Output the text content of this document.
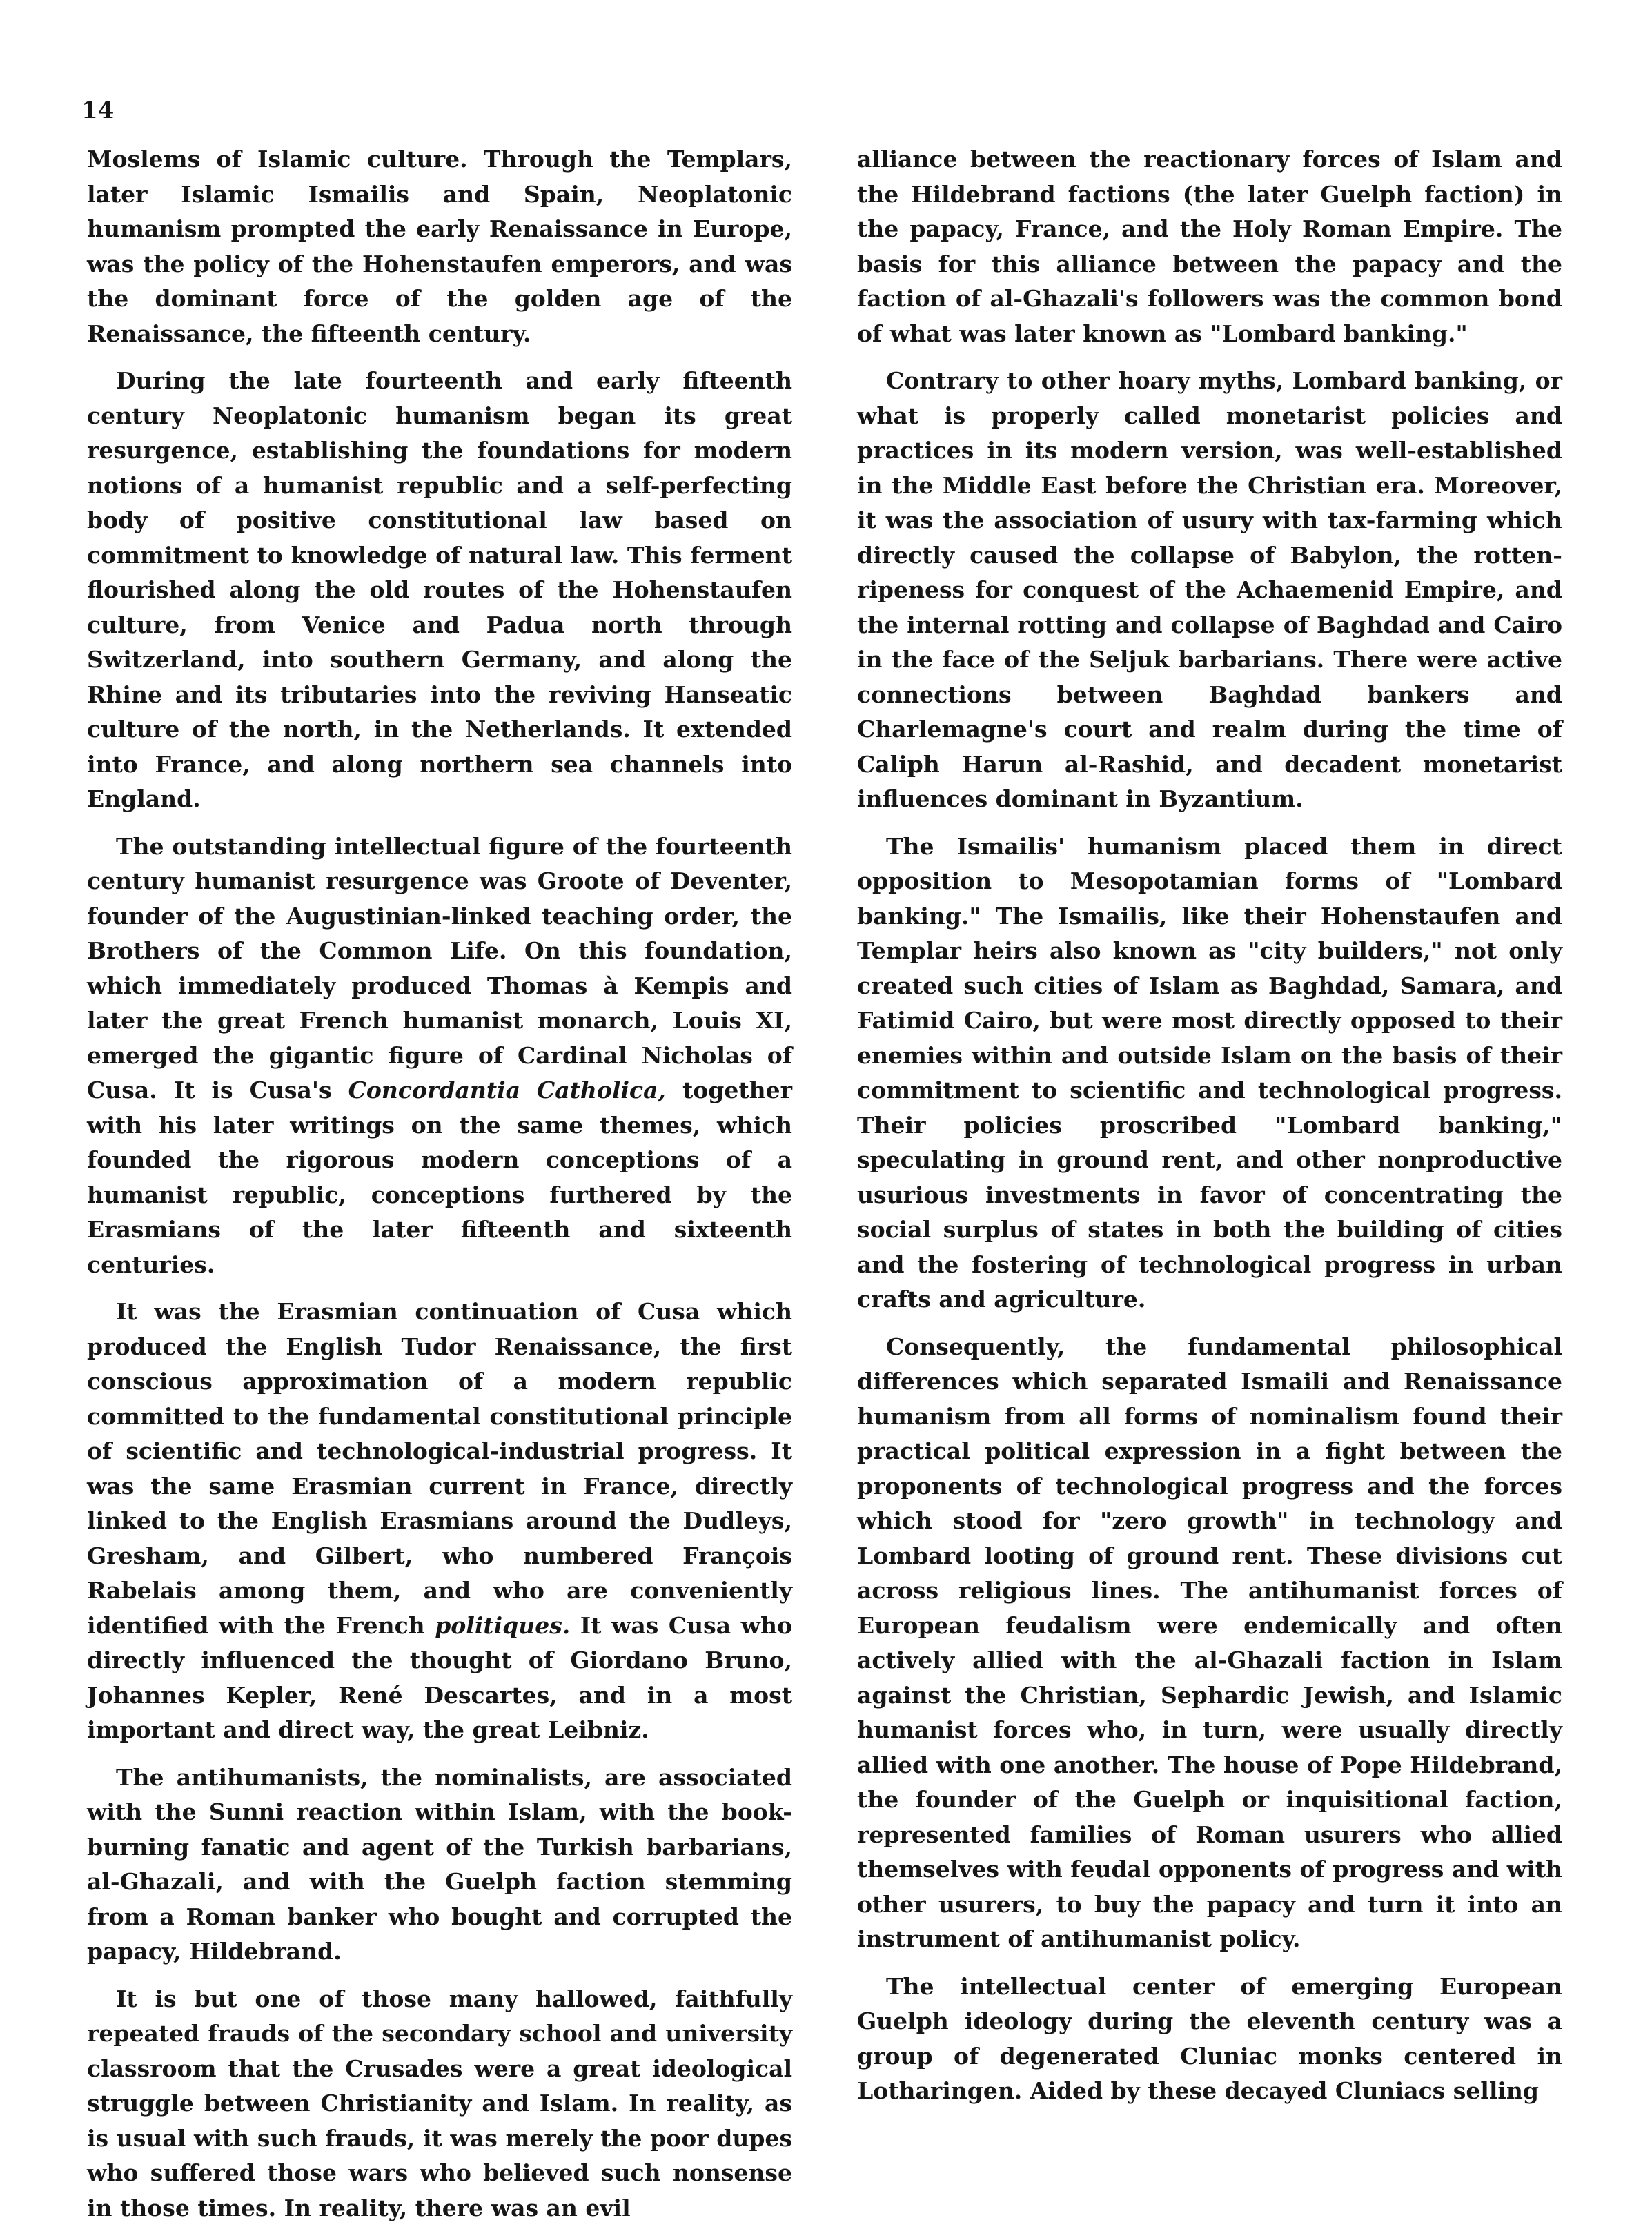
14

Moslems of Islamic culture. Through the Templars, later Islamic Ismailis and Spain, Neoplatonic humanism prompted the early Renaissance in Europe, was the policy of the Hohenstaufen emperors, and was the dominant force of the golden age of the Renaissance, the fifteenth century.

During the late fourteenth and early fifteenth century Neoplatonic humanism began its great resurgence, establishing the foundations for modern notions of a humanist republic and a self-perfecting body of positive constitutional law based on commitment to knowledge of natural law. This ferment flourished along the old routes of the Hohenstaufen culture, from Venice and Padua north through Switzerland, into southern Germany, and along the Rhine and its tributaries into the reviving Hanseatic culture of the north, in the Netherlands. It extended into France, and along northern sea channels into England.

The outstanding intellectual figure of the fourteenth century humanist resurgence was Groote of Deventer, founder of the Augustinian-linked teaching order, the Brothers of the Common Life. On this foundation, which immediately produced Thomas à Kempis and later the great French humanist monarch, Louis XI, emerged the gigantic figure of Cardinal Nicholas of Cusa. It is Cusa's Concordantia Catholica, together with his later writings on the same themes, which founded the rigorous modern conceptions of a humanist republic, conceptions furthered by the Erasmians of the later fifteenth and sixteenth centuries.

It was the Erasmian continuation of Cusa which produced the English Tudor Renaissance, the first conscious approximation of a modern republic committed to the fundamental constitutional principle of scientific and technological-industrial progress. It was the same Erasmian current in France, directly linked to the English Erasmians around the Dudleys, Gresham, and Gilbert, who numbered François Rabelais among them, and who are conveniently identified with the French politiques. It was Cusa who directly influenced the thought of Giordano Bruno, Johannes Kepler, René Descartes, and in a most important and direct way, the great Leibniz.

The antihumanists, the nominalists, are associated with the Sunni reaction within Islam, with the book-burning fanatic and agent of the Turkish barbarians, al-Ghazali, and with the Guelph faction stemming from a Roman banker who bought and corrupted the papacy, Hildebrand.

It is but one of those many hallowed, faithfully repeated frauds of the secondary school and university classroom that the Crusades were a great ideological struggle between Christianity and Islam. In reality, as is usual with such frauds, it was merely the poor dupes who suffered those wars who believed such nonsense in those times. In reality, there was an evil

alliance between the reactionary forces of Islam and the Hildebrand factions (the later Guelph faction) in the papacy, France, and the Holy Roman Empire. The basis for this alliance between the papacy and the faction of al-Ghazali's followers was the common bond of what was later known as "Lombard banking."

Contrary to other hoary myths, Lombard banking, or what is properly called monetarist policies and practices in its modern version, was well-established in the Middle East before the Christian era. Moreover, it was the association of usury with tax-farming which directly caused the collapse of Babylon, the rotten-ripeness for conquest of the Achaemenid Empire, and the internal rotting and collapse of Baghdad and Cairo in the face of the Seljuk barbarians. There were active connections between Baghdad bankers and Charlemagne's court and realm during the time of Caliph Harun al-Rashid, and decadent monetarist influences dominant in Byzantium.

The Ismailis' humanism placed them in direct opposition to Mesopotamian forms of "Lombard banking." The Ismailis, like their Hohenstaufen and Templar heirs also known as "city builders," not only created such cities of Islam as Baghdad, Samara, and Fatimid Cairo, but were most directly opposed to their enemies within and outside Islam on the basis of their commitment to scientific and technological progress. Their policies proscribed "Lombard banking," speculating in ground rent, and other nonproductive usurious investments in favor of concentrating the social surplus of states in both the building of cities and the fostering of technological progress in urban crafts and agriculture.

Consequently, the fundamental philosophical differences which separated Ismaili and Renaissance humanism from all forms of nominalism found their practical political expression in a fight between the proponents of technological progress and the forces which stood for "zero growth" in technology and Lombard looting of ground rent. These divisions cut across religious lines. The antihumanist forces of European feudalism were endemically and often actively allied with the al-Ghazali faction in Islam against the Christian, Sephardic Jewish, and Islamic humanist forces who, in turn, were usually directly allied with one another. The house of Pope Hildebrand, the founder of the Guelph or inquisitional faction, represented families of Roman usurers who allied themselves with feudal opponents of progress and with other usurers, to buy the papacy and turn it into an instrument of antihumanist policy.

The intellectual center of emerging European Guelph ideology during the eleventh century was a group of degenerated Cluniac monks centered in Lotharingen. Aided by these decayed Cluniacs selling
